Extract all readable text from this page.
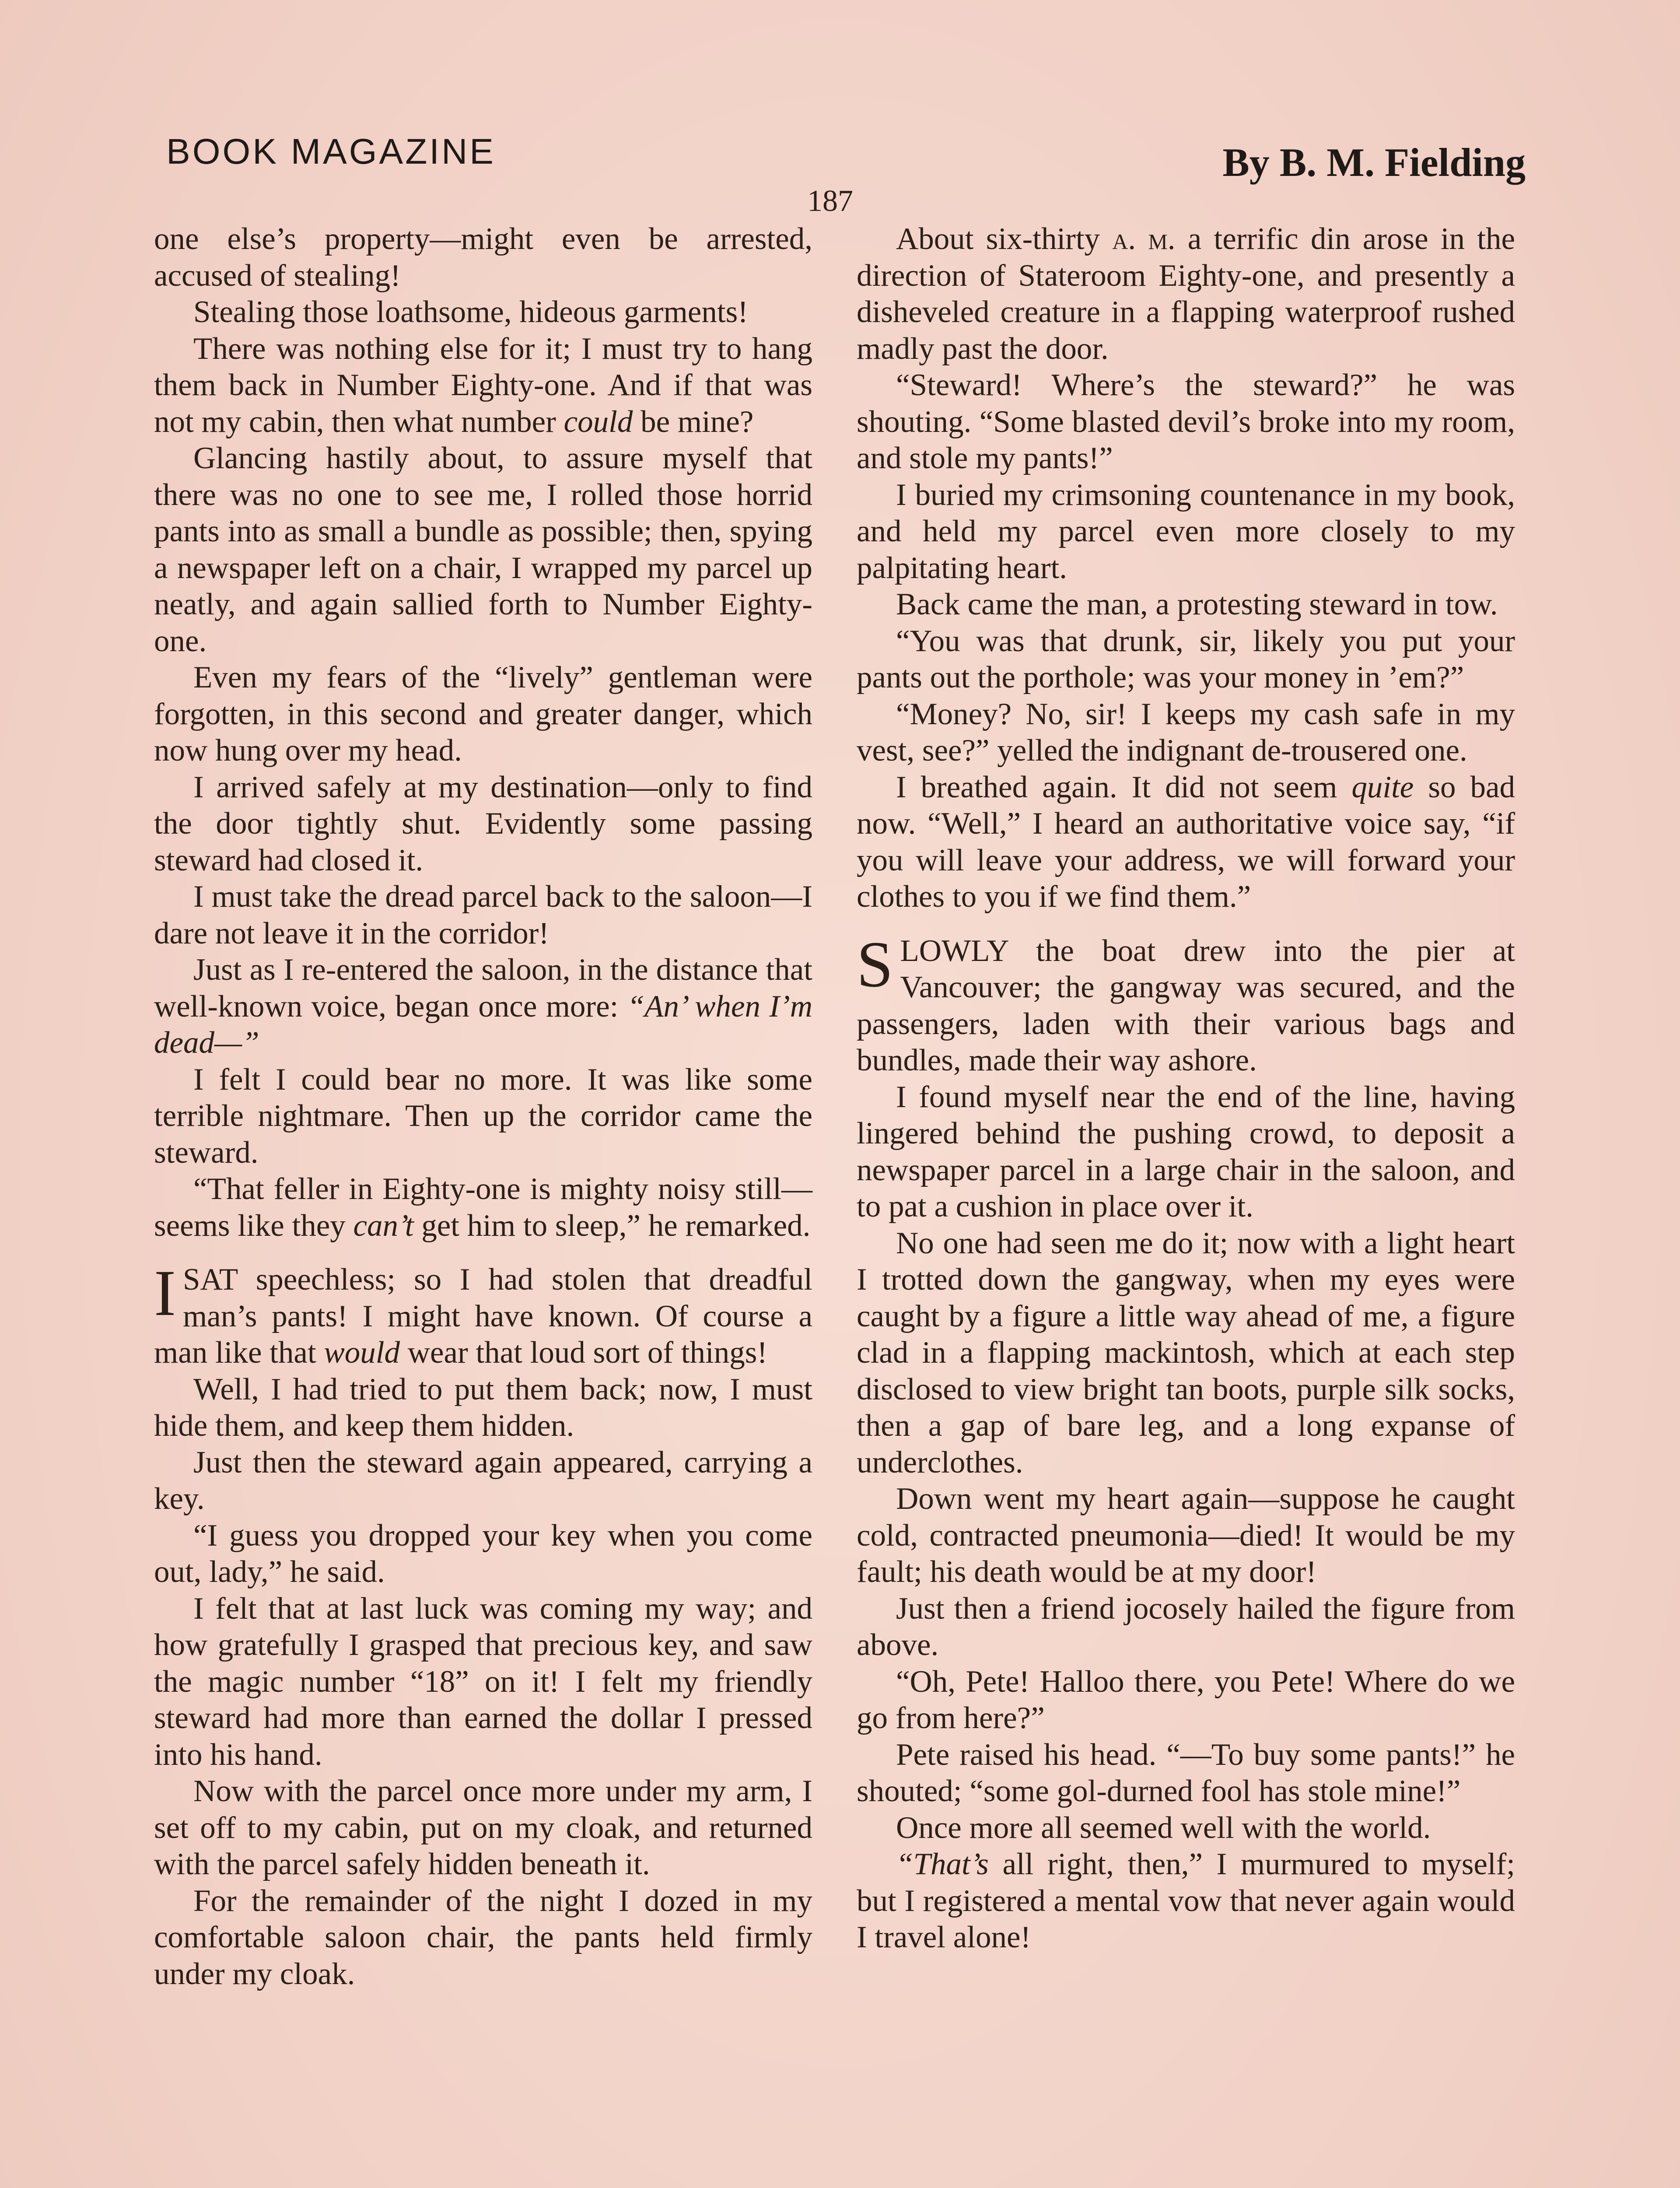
BOOK MAGAZINE
187
By B. M. Fielding

one else’s property—might even be arrested, accused of stealing!

Stealing those loathsome, hideous garments!

There was nothing else for it; I must try to hang them back in Number Eighty-one. And if that was not my cabin, then what number could be mine?

Glancing hastily about, to assure myself that there was no one to see me, I rolled those horrid pants into as small a bundle as possible; then, spying a newspaper left on a chair, I wrapped my parcel up neatly, and again sallied forth to Number Eighty-one.

Even my fears of the “lively” gentleman were forgotten, in this second and greater danger, which now hung over my head.

I arrived safely at my destination—only to find the door tightly shut. Evidently some passing steward had closed it.

I must take the dread parcel back to the saloon—I dare not leave it in the corridor!

Just as I re-entered the saloon, in the distance that well-known voice, began once more: “An’ when I’m dead—”

I felt I could bear no more. It was like some terrible nightmare. Then up the corridor came the steward.

“That feller in Eighty-one is mighty noisy still—seems like they can’t get him to sleep,” he remarked.

ISAT speechless; so I had stolen that dreadful man’s pants! I might have known. Of course a man like that would wear that loud sort of things!

Well, I had tried to put them back; now, I must hide them, and keep them hidden.

Just then the steward again appeared, carrying a key.

“I guess you dropped your key when you come out, lady,” he said.

I felt that at last luck was coming my way; and how gratefully I grasped that precious key, and saw the magic number “18” on it! I felt my friendly steward had more than earned the dollar I pressed into his hand.

Now with the parcel once more under my arm, I set off to my cabin, put on my cloak, and returned with the parcel safely hidden beneath it.

For the remainder of the night I dozed in my comfortable saloon chair, the pants held firmly under my cloak.

About six-thirty a. m. a terrific din arose in the direction of Stateroom Eighty-one, and presently a disheveled creature in a flapping waterproof rushed madly past the door.

“Steward! Where’s the steward?” he was shouting. “Some blasted devil’s broke into my room, and stole my pants!”

I buried my crimsoning countenance in my book, and held my parcel even more closely to my palpitating heart.

Back came the man, a protesting steward in tow.

“You was that drunk, sir, likely you put your pants out the porthole; was your money in ’em?”

“Money? No, sir! I keeps my cash safe in my vest, see?” yelled the indignant de-trousered one.

I breathed again. It did not seem quite so bad now. “Well,” I heard an authoritative voice say, “if you will leave your address, we will forward your clothes to you if we find them.”

SLOWLY the boat drew into the pier at Vancouver; the gangway was secured, and the passengers, laden with their various bags and bundles, made their way ashore.

I found myself near the end of the line, having lingered behind the pushing crowd, to deposit a newspaper parcel in a large chair in the saloon, and to pat a cushion in place over it.

No one had seen me do it; now with a light heart I trotted down the gangway, when my eyes were caught by a figure a little way ahead of me, a figure clad in a flapping mackintosh, which at each step disclosed to view bright tan boots, purple silk socks, then a gap of bare leg, and a long expanse of underclothes.

Down went my heart again—suppose he caught cold, contracted pneumonia—died! It would be my fault; his death would be at my door!

Just then a friend jocosely hailed the figure from above.

“Oh, Pete! Halloo there, you Pete! Where do we go from here?”

Pete raised his head. “—To buy some pants!” he shouted; “some gol-durned fool has stole mine!”

Once more all seemed well with the world.

“That’s all right, then,” I murmured to myself; but I registered a mental vow that never again would I travel alone!
